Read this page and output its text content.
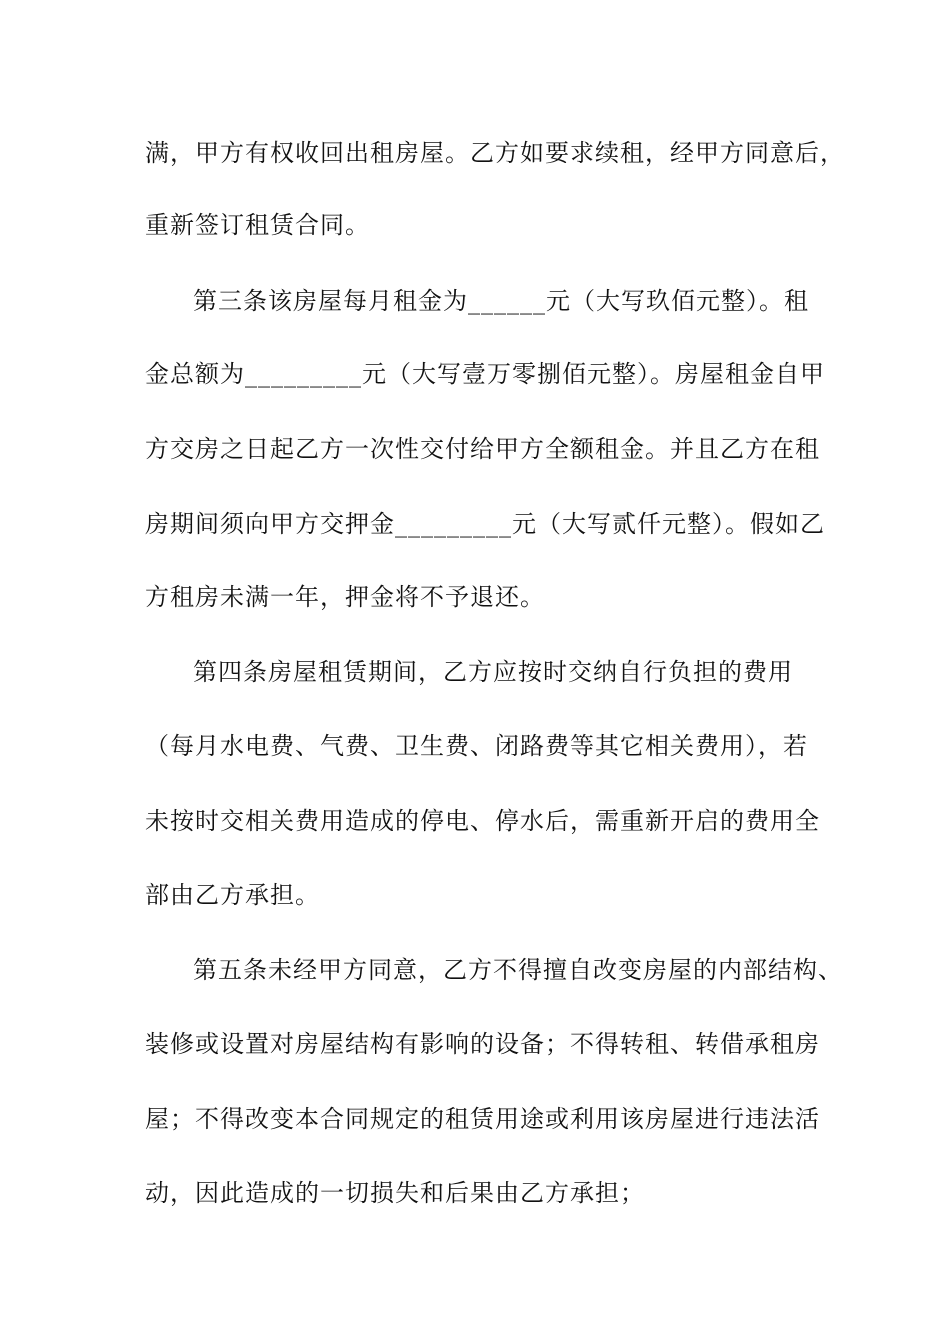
满，甲方有权收回出租房屋。乙方如要求续租，经甲方同意后，

重新签订租赁合同。

第三条该房屋每月租金为______元（大写玖佰元整）。租

金总额为_________元（大写壹万零捌佰元整）。房屋租金自甲

方交房之日起乙方一次性交付给甲方全额租金。并且乙方在租

房期间须向甲方交押金_________元（大写贰仟元整）。假如乙

方租房未满一年，押金将不予退还。

第四条房屋租赁期间，乙方应按时交纳自行负担的费用

（每月水电费、气费、卫生费、闭路费等其它相关费用），若

未按时交相关费用造成的停电、停水后，需重新开启的费用全

部由乙方承担。

第五条未经甲方同意，乙方不得擅自改变房屋的内部结构、

装修或设置对房屋结构有影响的设备；不得转租、转借承租房

屋；不得改变本合同规定的租赁用途或利用该房屋进行违法活

动，因此造成的一切损失和后果由乙方承担；
